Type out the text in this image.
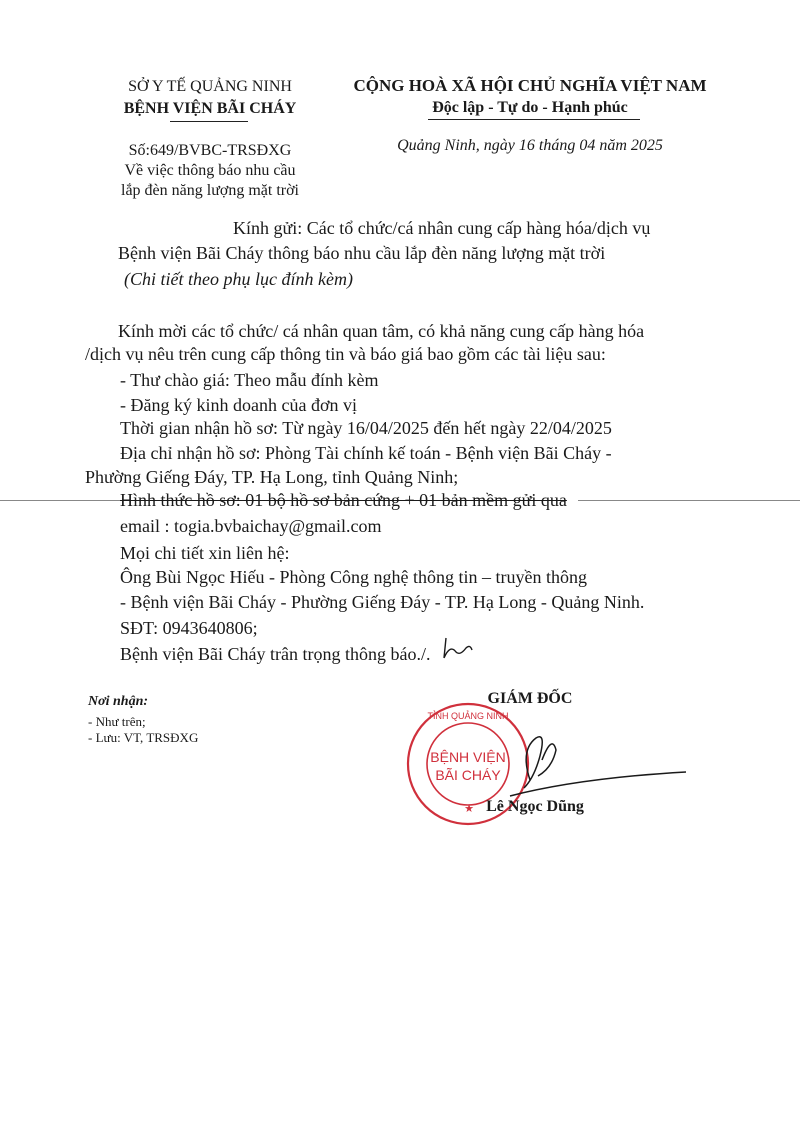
SỞ Y TẾ QUẢNG NINH
BỆNH VIỆN BÃI CHÁY
Số:649/BVBC-TRSĐXG
Về việc thông báo nhu cầu
lắp đèn năng lượng mặt trời
CỘNG HOÀ XÃ HỘI CHỦ NGHĨA VIỆT NAM
Độc lập - Tự do - Hạnh phúc
Quảng Ninh, ngày 16 tháng 04 năm 2025
Kính gửi: Các tổ chức/cá nhân cung cấp hàng hóa/dịch vụ
Bệnh viện Bãi Cháy thông báo nhu cầu lắp đèn năng lượng mặt trời
(Chi tiết theo phụ lục đính kèm)
Kính mời các tổ chức/ cá nhân quan tâm, có khả năng cung cấp hàng hóa
/dịch vụ nêu trên cung cấp thông tin và báo giá bao gồm các tài liệu sau:
- Thư chào giá: Theo mẫu đính kèm
- Đăng ký kinh doanh của đơn vị
Thời gian nhận hồ sơ: Từ ngày 16/04/2025 đến hết ngày 22/04/2025
Địa chỉ nhận hồ sơ: Phòng Tài chính kế toán - Bệnh viện Bãi Cháy -
Phường Giếng Đáy, TP. Hạ Long, tỉnh Quảng Ninh;
Hình thức hồ sơ: 01 bộ hồ sơ bản cứng + 01 bản mềm gửi qua
email : togia.bvbaichay@gmail.com
Mọi chi tiết xin liên hệ:
Ông Bùi Ngọc Hiếu - Phòng Công nghệ thông tin – truyền thông
- Bệnh viện Bãi Cháy - Phường Giếng Đáy - TP. Hạ Long - Quảng Ninh.
SĐT: 0943640806;
Bệnh viện Bãi Cháy trân trọng thông báo./.
Nơi nhận:
- Như trên;
- Lưu: VT, TRSĐXG
GIÁM ĐỐC
TỈNH QUẢNG NINH
★
BỆNH VIỆN
BÃI CHÁY
Lê Ngọc Dũng
